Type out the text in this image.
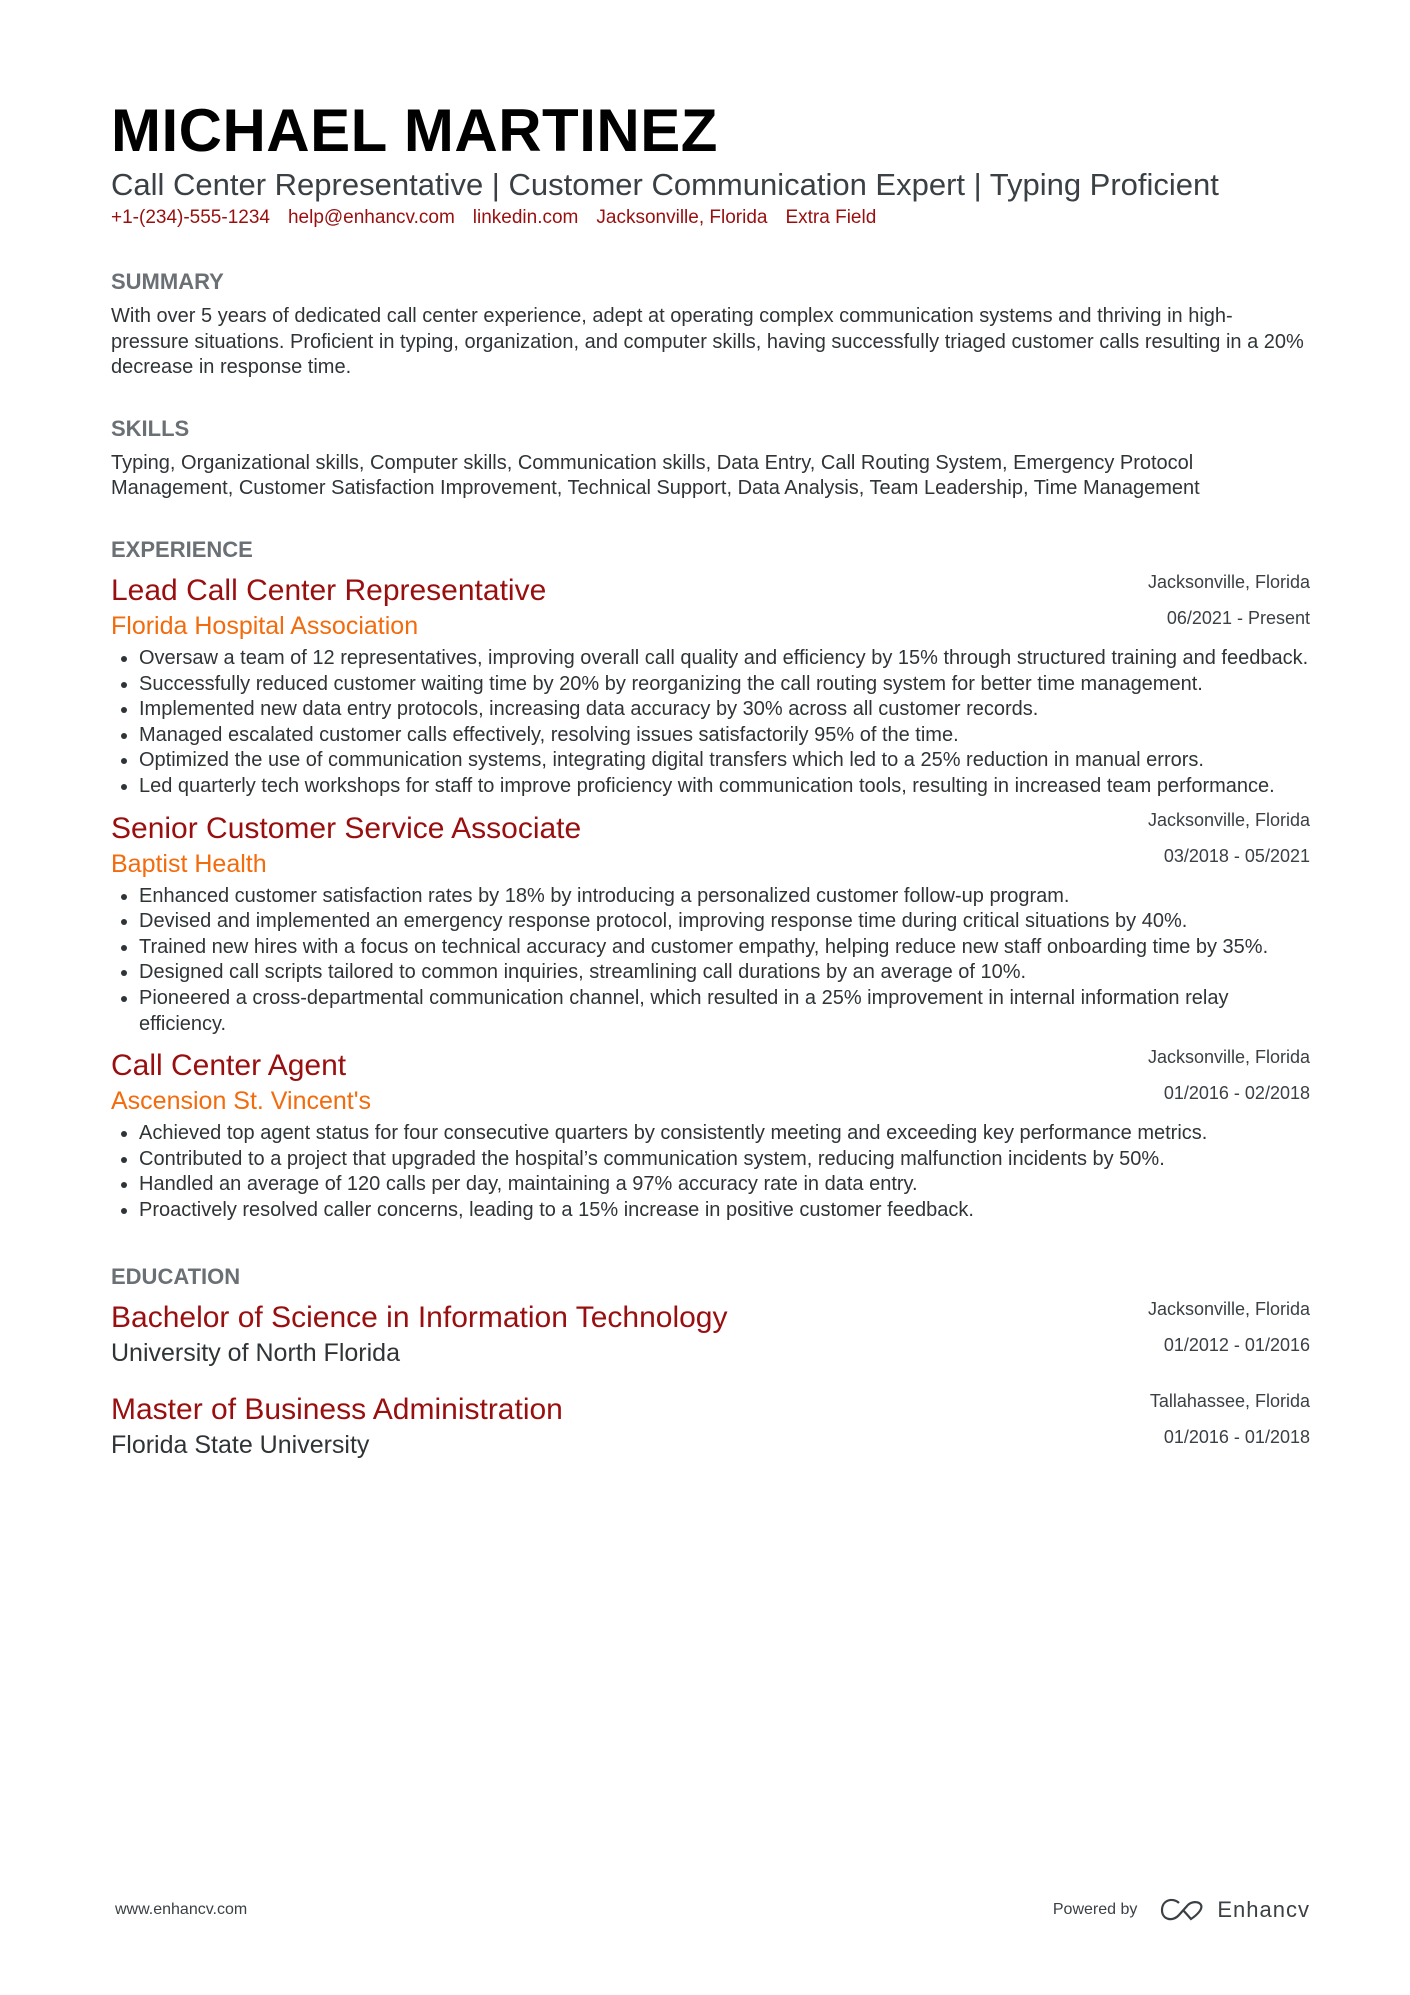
MICHAEL MARTINEZ
Call Center Representative | Customer Communication Expert | Typing Proficient
+1-(234)-555-1234 help@enhancv.com linkedin.com Jacksonville, Florida Extra Field
SUMMARY
With over 5 years of dedicated call center experience, adept at operating complex communication systems and thriving in high-pressure situations. Proficient in typing, organization, and computer skills, having successfully triaged customer calls resulting in a 20% decrease in response time.
SKILLS
Typing, Organizational skills, Computer skills, Communication skills, Data Entry, Call Routing System, Emergency Protocol Management, Customer Satisfaction Improvement, Technical Support, Data Analysis, Team Leadership, Time Management
EXPERIENCE
Lead Call Center Representative
Florida Hospital Association
Jacksonville, Florida
06/2021 - Present
• Oversaw a team of 12 representatives, improving overall call quality and efficiency by 15% through structured training and feedback.
• Successfully reduced customer waiting time by 20% by reorganizing the call routing system for better time management.
• Implemented new data entry protocols, increasing data accuracy by 30% across all customer records.
• Managed escalated customer calls effectively, resolving issues satisfactorily 95% of the time.
• Optimized the use of communication systems, integrating digital transfers which led to a 25% reduction in manual errors.
• Led quarterly tech workshops for staff to improve proficiency with communication tools, resulting in increased team performance.
Senior Customer Service Associate
Baptist Health
Jacksonville, Florida
03/2018 - 05/2021
• Enhanced customer satisfaction rates by 18% by introducing a personalized customer follow-up program.
• Devised and implemented an emergency response protocol, improving response time during critical situations by 40%.
• Trained new hires with a focus on technical accuracy and customer empathy, helping reduce new staff onboarding time by 35%.
• Designed call scripts tailored to common inquiries, streamlining call durations by an average of 10%.
• Pioneered a cross-departmental communication channel, which resulted in a 25% improvement in internal information relay efficiency.
Call Center Agent
Ascension St. Vincent's
Jacksonville, Florida
01/2016 - 02/2018
• Achieved top agent status for four consecutive quarters by consistently meeting and exceeding key performance metrics.
• Contributed to a project that upgraded the hospital’s communication system, reducing malfunction incidents by 50%.
• Handled an average of 120 calls per day, maintaining a 97% accuracy rate in data entry.
• Proactively resolved caller concerns, leading to a 15% increase in positive customer feedback.
EDUCATION
Bachelor of Science in Information Technology
University of North Florida
Jacksonville, Florida
01/2012 - 01/2016
Master of Business Administration
Florida State University
Tallahassee, Florida
01/2016 - 01/2018
www.enhancv.com	Powered by	Enhancv
